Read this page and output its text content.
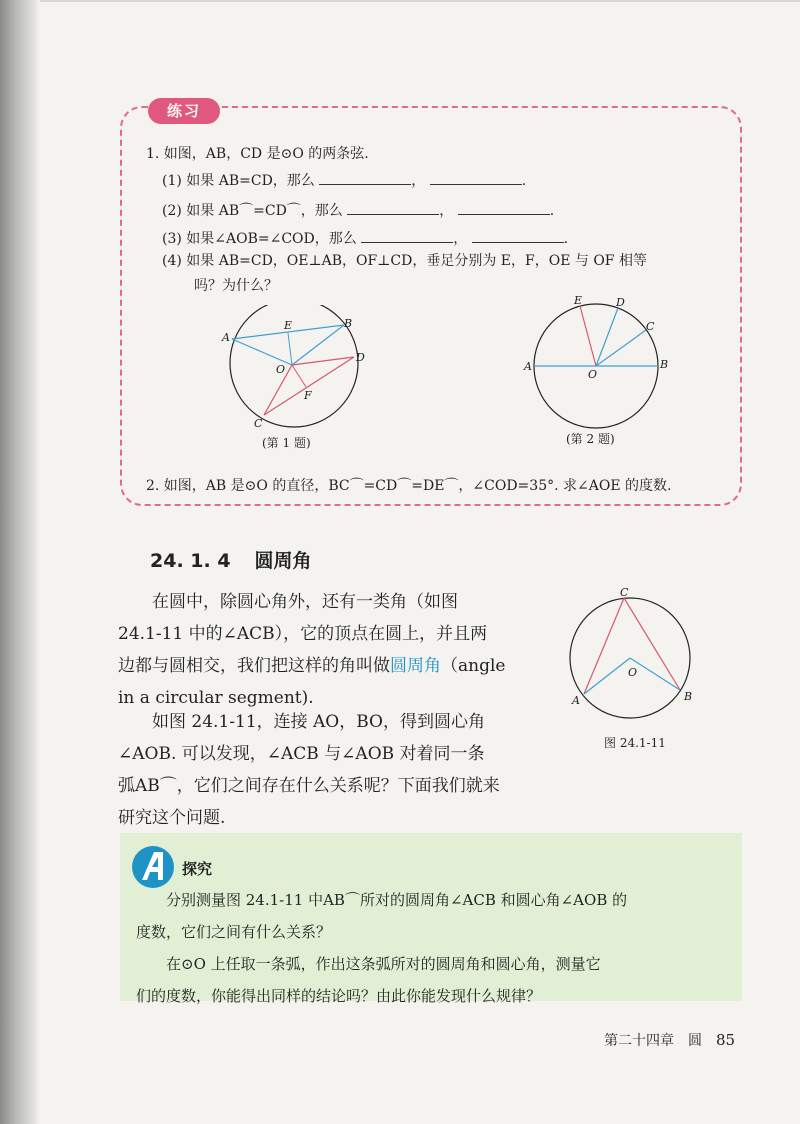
练习
1. 如图，AB，CD 是⊙O 的两条弦.
(1) 如果 AB=CD，那么	，	.
(2) 如果 AB⌒=CD⌒，那么	，	.
(3) 如果∠AOB=∠COD，那么	，	.
(4) 如果 AB=CD，OE⊥AB，OF⊥CD，垂足分别为 E，F，OE 与 OF 相等
吗？为什么？
A
B
C
D
E
F
O
(第 1 题)
A	B
C
D
E
O
(第 2 题)
2. 如图，AB 是⊙O 的直径，BC⌒=CD⌒=DE⌒，∠COD=35°. 求∠AOE 的度数.
24. 1. 4 圆周角
　　在圆中，除圆心角外，还有一类角（如图
24.1-11 中的∠ACB），它的顶点在圆上，并且两
边都与圆相交，我们把这样的角叫做圆周角（angle
in a circular segment).
　　如图 24.1-11，连接 AO，BO，得到圆心角
∠AOB. 可以发现，∠ACB 与∠AOB 对着同一条
弧AB⌒，它们之间存在什么关系呢？下面我们就来
研究这个问题.
C
A	B
O
图 24.1-11
探究
　　分别测量图 24.1-11 中AB⌒所对的圆周角∠ACB 和圆心角∠AOB 的
度数，它们之间有什么关系？
　　在⊙O 上任取一条弧，作出这条弧所对的圆周角和圆心角，测量它
们的度数，你能得出同样的结论吗？由此你能发现什么规律？
第二十四章　圆 85
